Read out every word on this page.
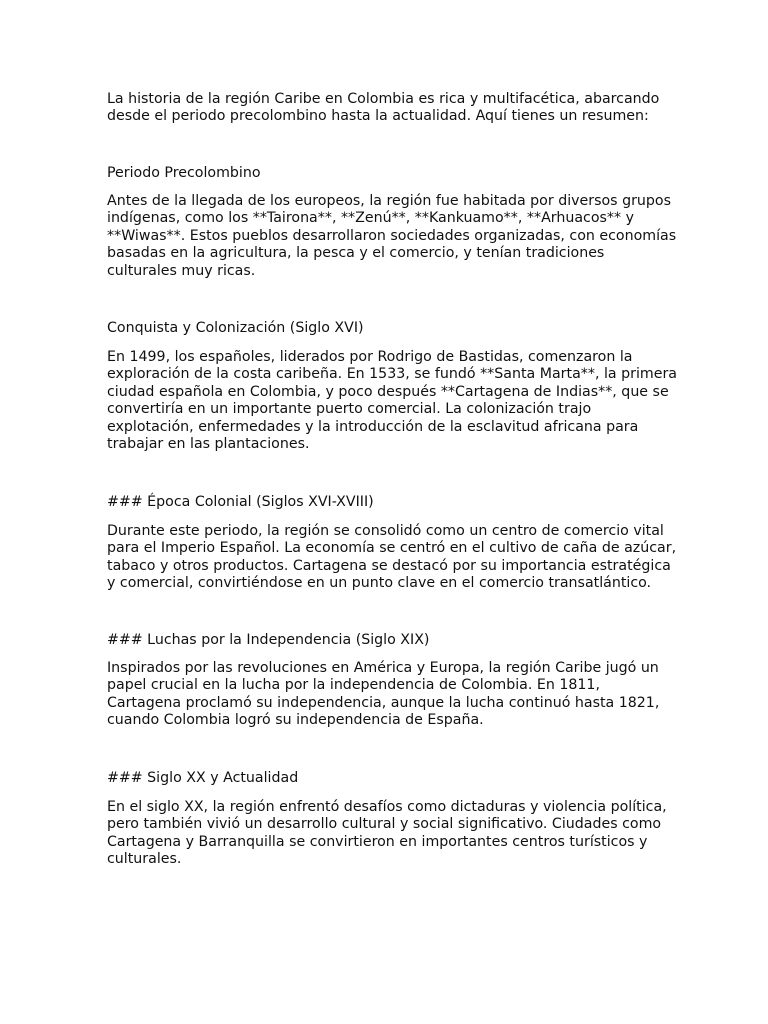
La historia de la región Caribe en Colombia es rica y multifacética, abarcando desde el periodo precolombino hasta la actualidad. Aquí tienes un resumen:

Periodo Precolombino

Antes de la llegada de los europeos, la región fue habitada por diversos grupos indígenas, como los **Tairona**, **Zenú**, **Kankuamo**, **Arhuacos** y **Wiwas**. Estos pueblos desarrollaron sociedades organizadas, con economías basadas en la agricultura, la pesca y el comercio, y tenían tradiciones culturales muy ricas.

Conquista y Colonización (Siglo XVI)

En 1499, los españoles, liderados por Rodrigo de Bastidas, comenzaron la exploración de la costa caribeña. En 1533, se fundó **Santa Marta**, la primera ciudad española en Colombia, y poco después **Cartagena de Indias**, que se convertiría en un importante puerto comercial. La colonización trajo explotación, enfermedades y la introducción de la esclavitud africana para trabajar en las plantaciones.

### Época Colonial (Siglos XVI-XVIII)

Durante este periodo, la región se consolidó como un centro de comercio vital para el Imperio Español. La economía se centró en el cultivo de caña de azúcar, tabaco y otros productos. Cartagena se destacó por su importancia estratégica y comercial, convirtiéndose en un punto clave en el comercio transatlántico.

### Luchas por la Independencia (Siglo XIX)

Inspirados por las revoluciones en América y Europa, la región Caribe jugó un papel crucial en la lucha por la independencia de Colombia. En 1811, Cartagena proclamó su independencia, aunque la lucha continuó hasta 1821, cuando Colombia logró su independencia de España.

### Siglo XX y Actualidad

En el siglo XX, la región enfrentó desafíos como dictaduras y violencia política, pero también vivió un desarrollo cultural y social significativo. Ciudades como Cartagena y Barranquilla se convirtieron en importantes centros turísticos y culturales.
